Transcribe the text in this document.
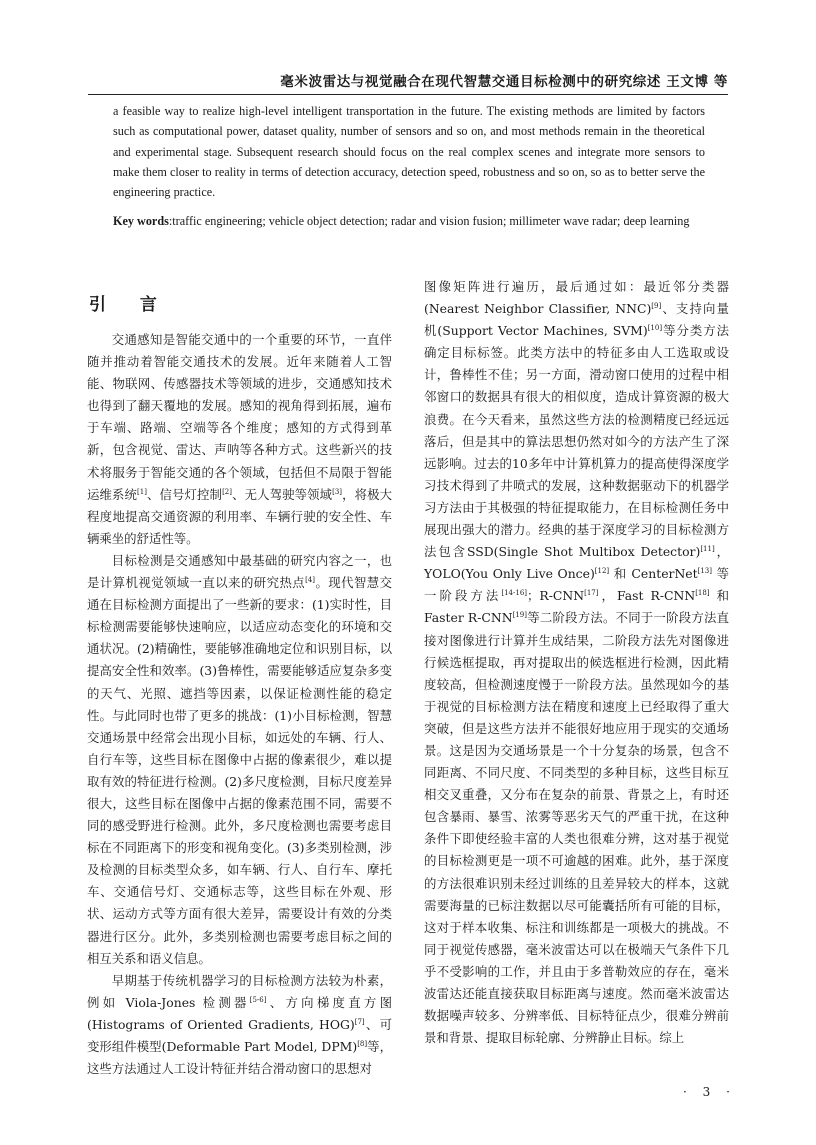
毫米波雷达与视觉融合在现代智慧交通目标检测中的研究综述 王文博 等

a feasible way to realize high-level intelligent transportation in the future. The existing methods are limited by factors such as computational power, dataset quality, number of sensors and so on, and most methods remain in the theoretical and experimental stage. Subsequent research should focus on the real complex scenes and integrate more sensors to make them closer to reality in terms of detection accuracy, detection speed, robustness and so on, so as to better serve the engineering practice.

Key words:traffic engineering; vehicle object detection; radar and vision fusion; millimeter wave radar; deep learning
引 言

交通感知是智能交通中的一个重要的环节，一直伴随并推动着智能交通技术的发展。近年来随着人工智能、物联网、传感器技术等领域的进步，交通感知技术也得到了翻天覆地的发展。感知的视角得到拓展，遍布于车端、路端、空端等各个维度；感知的方式得到革新，包含视觉、雷达、声呐等各种方式。这些新兴的技术将服务于智能交通的各个领域，包括但不局限于智能运维系统[1]、信号灯控制[2]、无人驾驶等领域[3]，将极大程度地提高交通资源的利用率、车辆行驶的安全性、车辆乘坐的舒适性等。

目标检测是交通感知中最基础的研究内容之一，也是计算机视觉领域一直以来的研究热点[4]。现代智慧交通在目标检测方面提出了一些新的要求：(1)实时性，目标检测需要能够快速响应，以适应动态变化的环境和交通状况。(2)精确性，要能够准确地定位和识别目标，以提高安全性和效率。(3)鲁棒性，需要能够适应复杂多变的天气、光照、遮挡等因素，以保证检测性能的稳定性。与此同时也带了更多的挑战：(1)小目标检测，智慧交通场景中经常会出现小目标，如远处的车辆、行人、自行车等，这些目标在图像中占据的像素很少，难以提取有效的特征进行检测。(2)多尺度检测，目标尺度差异很大，这些目标在图像中占据的像素范围不同，需要不同的感受野进行检测。此外，多尺度检测也需要考虑目标在不同距离下的形变和视角变化。(3)多类别检测，涉及检测的目标类型众多，如车辆、行人、自行车、摩托车、交通信号灯、交通标志等，这些目标在外观、形状、运动方式等方面有很大差异，需要设计有效的分类器进行区分。此外，多类别检测也需要考虑目标之间的相互关系和语义信息。

早期基于传统机器学习的目标检测方法较为朴素，例如 Viola-Jones 检测器[5-6]、方向梯度直方图(Histograms of Oriented Gradients, HOG)[7]、可变形组件模型(Deformable Part Model, DPM)[8]等，这些方法通过人工设计特征并结合滑动窗口的思想对

图像矩阵进行遍历，最后通过如：最近邻分类器(Nearest Neighbor Classifier, NNC)[9]、支持向量机(Support Vector Machines, SVM)[10]等分类方法确定目标标签。此类方法中的特征多由人工选取或设计，鲁棒性不佳；另一方面，滑动窗口使用的过程中相邻窗口的数据具有很大的相似度，造成计算资源的极大浪费。在今天看来，虽然这些方法的检测精度已经远远落后，但是其中的算法思想仍然对如今的方法产生了深远影响。过去的10多年中计算机算力的提高使得深度学习技术得到了井喷式的发展，这种数据驱动下的机器学习方法由于其极强的特征提取能力，在目标检测任务中展现出强大的潜力。经典的基于深度学习的目标检测方法包含SSD(Single Shot Multibox Detector)[11]，YOLO(You Only Live Once)[12] 和 CenterNet[13] 等一阶段方法[14-16]；R-CNN[17]，Fast R-CNN[18] 和 Faster R-CNN[19]等二阶段方法。不同于一阶段方法直接对图像进行计算并生成结果，二阶段方法先对图像进行候选框提取，再对提取出的候选框进行检测，因此精度较高，但检测速度慢于一阶段方法。虽然现如今的基于视觉的目标检测方法在精度和速度上已经取得了重大突破，但是这些方法并不能很好地应用于现实的交通场景。这是因为交通场景是一个十分复杂的场景，包含不同距离、不同尺度、不同类型的多种目标，这些目标互相交叉重叠，又分布在复杂的前景、背景之上，有时还包含暴雨、暴雪、浓雾等恶劣天气的严重干扰，在这种条件下即使经验丰富的人类也很难分辨，这对基于视觉的目标检测更是一项不可逾越的困难。此外，基于深度的方法很难识别未经过训练的且差异较大的样本，这就需要海量的已标注数据以尽可能囊括所有可能的目标，这对于样本收集、标注和训练都是一项极大的挑战。不同于视觉传感器，毫米波雷达可以在极端天气条件下几乎不受影响的工作，并且由于多普勒效应的存在，毫米波雷达还能直接获取目标距离与速度。然而毫米波雷达数据噪声较多、分辨率低、目标特征点少，很难分辨前景和背景、提取目标轮廓、分辨静止目标。综上

· 3 ·
